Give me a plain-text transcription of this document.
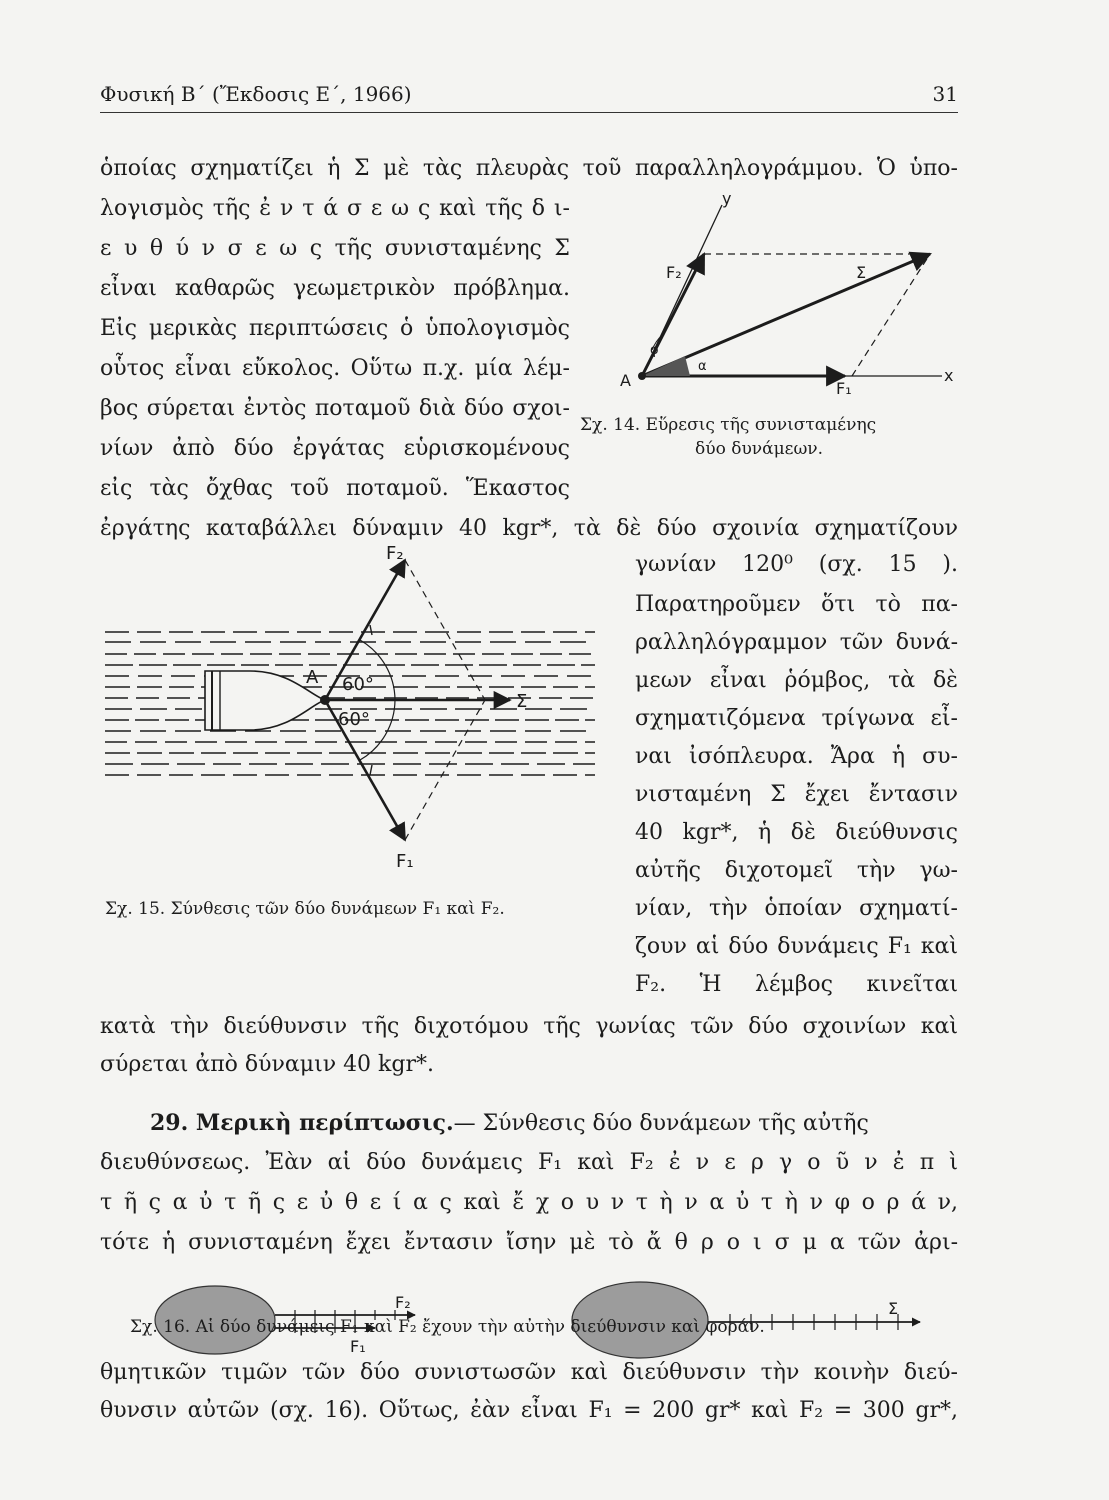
Φυσική Β΄ (Ἔκδοσις Ε΄, 1966)	31
ὁποίας σχηματίζει ἡ Σ μὲ τὰς πλευρὰς τοῦ παραλληλογράμμου. Ὁ ὑπο-
λογισμὸς τῆς ἐ ν τ ά σ ε ω ς καὶ τῆς δ ι-
ε υ θ ύ ν σ ε ω ς τῆς συνισταμένης Σ
εἶναι καθαρῶς γεωμετρικὸν πρόβλημα.
Εἰς μερικὰς περιπτώσεις ὁ ὑπολογισμὸς
οὗτος εἶναι εὔκολος. Οὕτω π.χ. μία λέμ-
βος σύρεται ἐντὸς ποταμοῦ διὰ δύο σχοι-
νίων ἀπὸ δύο ἐργάτας εὑρισκομένους
εἰς τὰς ὄχθας τοῦ ποταμοῦ. Ἕκαστος
ἐργάτης καταβάλλει δύναμιν 40 kgr*, τὰ δὲ δύο σχοινία σχηματίζουν
y
x
A	F₁
F₂	Σ
φ
α
Σχ. 14. Εὕρεσις τῆς συνισταμένης
δύο δυνάμεων.
F₂
F₁
Σ
A 60°
60°
Σχ. 15. Σύνθεσις τῶν δύο δυνάμεων F₁ καὶ F₂.
γωνίαν 120⁰ (σχ. 15 ).
Παρατηροῦμεν ὅτι τὸ πα-
ραλληλόγραμμον τῶν δυνά-
μεων εἶναι ῥόμβος, τὰ δὲ
σχηματιζόμενα τρίγωνα εἶ-
ναι ἰσόπλευρα. Ἄρα ἡ συ-
νισταμένη Σ ἔχει ἔντασιν
40 kgr*, ἡ δὲ διεύθυνσις
αὐτῆς διχοτομεῖ τὴν γω-
νίαν, τὴν ὁποίαν σχηματί-
ζουν αἱ δύο δυνάμεις F₁ καὶ
F₂. Ἡ λέμβος κινεῖται
κατὰ τὴν διεύθυνσιν τῆς διχοτόμου τῆς γωνίας τῶν δύο σχοινίων καὶ
σύρεται ἀπὸ δύναμιν 40 kgr*.
29. Μερικὴ περίπτωσις.— Σύνθεσις δύο δυνάμεων τῆς αὐτῆς
διευθύνσεως. Ἐὰν αἱ δύο δυνάμεις F₁ καὶ F₂ ἐ ν ε ρ γ ο ῦ ν ἐ π ὶ
τ ῆ ς α ὐ τ ῆ ς ε ὐ θ ε ί α ς καὶ ἔ χ ο υ ν τ ὴ ν α ὐ τ ὴ ν φ ο ρ ά ν,
τότε ἡ συνισταμένη ἔχει ἔντασιν ἴσην μὲ τὸ ἄ θ ρ ο ι σ μ α τῶν ἀρι-
F₂
F₁
Σ
Σχ. 16. Αἱ δύο δυνάμεις F₁ καὶ F₂ ἔχουν τὴν αὐτὴν διεύθυνσιν καὶ φοράν.
θμητικῶν τιμῶν τῶν δύο συνιστωσῶν καὶ διεύθυνσιν τὴν κοινὴν διεύ-
θυνσιν αὐτῶν (σχ. 16). Οὕτως, ἐὰν εἶναι F₁ = 200 gr* καὶ F₂ = 300 gr*,
